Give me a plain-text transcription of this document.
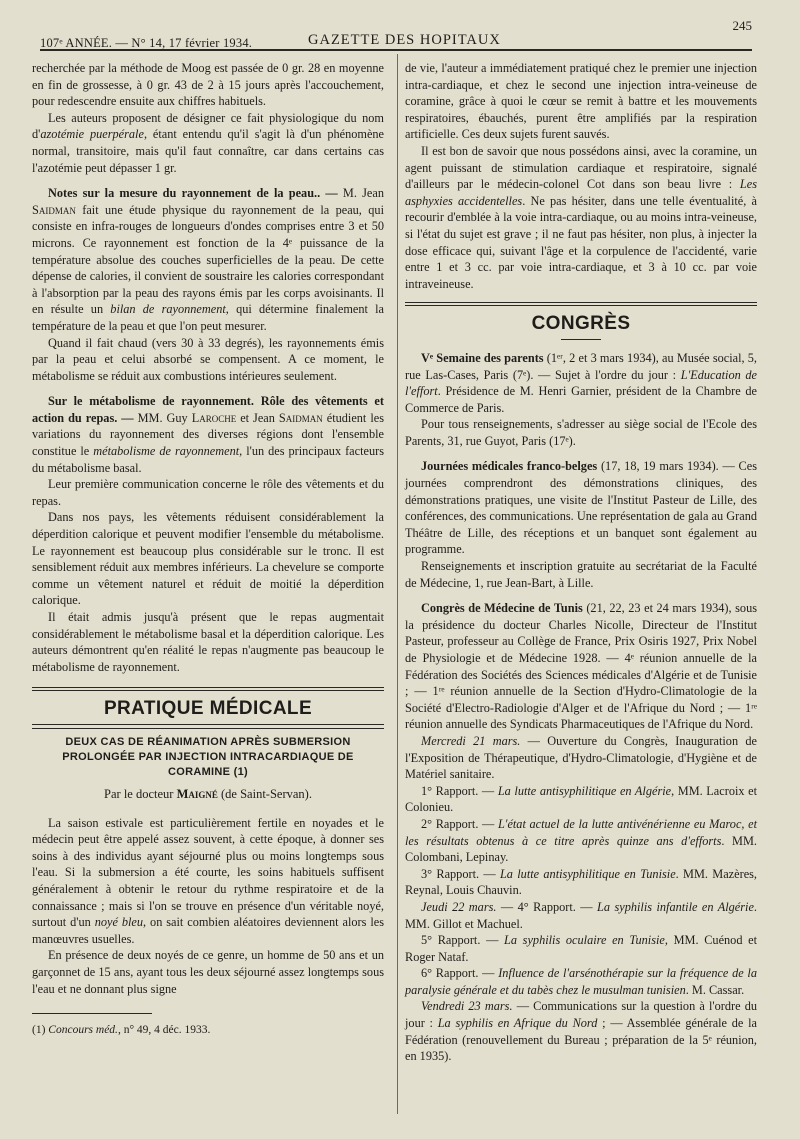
107ᵉ ANNÉE. — N° 14, 17 février 1934.	GAZETTE DES HOPITAUX
245

recherchée par la méthode de Moog est passée de 0 gr. 28 en moyenne en fin de grossesse, à 0 gr. 43 de 2 à 15 jours après l'accouchement, pour redescendre ensuite aux chiffres habituels.

Les auteurs proposent de désigner ce fait physiologique du nom d'azotémie puerpérale, étant entendu qu'il s'agit là d'un phénomène normal, transitoire, mais qu'il faut connaître, car dans certains cas l'azotémie peut dépasser 1 gr.

Notes sur la mesure du rayonnement de la peau.. — M. Jean Saidman fait une étude physique du rayonnement de la peau, qui consiste en infra-rouges de longueurs d'ondes comprises entre 3 et 50 microns. Ce rayonnement est fonction de la 4ᵉ puissance de la température absolue des couches superficielles de la peau. De cette dépense de calories, il convient de soustraire les calories correspondant à l'absorption par la peau des rayons émis par les corps avoisinants. Il en résulte un bilan de rayonnement, qui détermine finalement la température de la peau et que l'on peut mesurer.

Quand il fait chaud (vers 30 à 33 degrés), les rayonnements émis par la peau et celui absorbé se compensent. A ce moment, le métabolisme se réduit aux combustions intérieures seulement.

Sur le métabolisme de rayonnement. Rôle des vêtements et action du repas. — MM. Guy Laroche et Jean Saidman étudient les variations du rayonnement des diverses régions dont l'ensemble constitue le métabolisme de rayonnement, l'un des principaux facteurs du métabolisme basal.

Leur première communication concerne le rôle des vêtements et du repas.

Dans nos pays, les vêtements réduisent considérablement la déperdition calorique et peuvent modifier l'ensemble du métabolisme. Le rayonnement est beaucoup plus considérable sur le tronc. Il est sensiblement réduit aux membres inférieurs. La chevelure se comporte comme un vêtement naturel et réduit de moitié la déperdition calorique.

Il était admis jusqu'à présent que le repas augmentait considérablement le métabolisme basal et la déperdition calorique. Les auteurs démontrent qu'en réalité le repas n'augmente pas beaucoup le métabolisme de rayonnement.

PRATIQUE MÉDICALE
DEUX CAS DE RÉANIMATION APRÈS SUBMERSION PROLONGÉE PAR INJECTION INTRACARDIAQUE DE CORAMINE (1)
Par le docteur Maigné (de Saint-Servan).

La saison estivale est particulièrement fertile en noyades et le médecin peut être appelé assez souvent, à cette époque, à donner ses soins à des individus ayant séjourné plus ou moins longtemps sous l'eau. Si la submersion a été courte, les soins habituels suffisent généralement à obtenir le retour du rythme respiratoire et de la connaissance ; mais si l'on se trouve en présence d'un véritable noyé, surtout d'un noyé bleu, on sait combien aléatoires deviennent alors les manœuvres usuelles.

En présence de deux noyés de ce genre, un homme de 50 ans et un garçonnet de 15 ans, ayant tous les deux séjourné assez longtemps sous l'eau et ne donnant plus signe

(1) Concours méd., n° 49, 4 déc. 1933.

de vie, l'auteur a immédiatement pratiqué chez le premier une injection intra-cardiaque, et chez le second une injection intra-veineuse de coramine, grâce à quoi le cœur se remit à battre et les mouvements respiratoires, ébauchés, purent être amplifiés par la respiration artificielle. Ces deux sujets furent sauvés.

Il est bon de savoir que nous possédons ainsi, avec la coramine, un agent puissant de stimulation cardiaque et respiratoire, signalé d'ailleurs par le médecin-colonel Cot dans son beau livre : Les asphyxies accidentelles. Ne pas hésiter, dans une telle éventualité, à recourir d'emblée à la voie intra-cardiaque, ou au moins intra-veineuse, si l'état du sujet est grave ; il ne faut pas hésiter, non plus, à injecter la dose efficace qui, suivant l'âge et la corpulence de l'accidenté, varie entre 1 et 3 cc. par voie intra-cardiaque, et 3 à 10 cc. par voie intraveineuse.

CONGRÈS

Vᵉ Semaine des parents (1ᵉʳ, 2 et 3 mars 1934), au Musée social, 5, rue Las-Cases, Paris (7ᵉ). — Sujet à l'ordre du jour : L'Education de l'effort. Présidence de M. Henri Garnier, président de la Chambre de Commerce de Paris.

Pour tous renseignements, s'adresser au siège social de l'Ecole des Parents, 31, rue Guyot, Paris (17ᵉ).

Journées médicales franco-belges (17, 18, 19 mars 1934). — Ces journées comprendront des démonstrations cliniques, des démonstrations pratiques, une visite de l'Institut Pasteur de Lille, des conférences, des communications. Une représentation de gala au Grand Théâtre de Lille, des réceptions et un banquet sont également au programme.

Renseignements et inscription gratuite au secrétariat de la Faculté de Médecine, 1, rue Jean-Bart, à Lille.

Congrès de Médecine de Tunis (21, 22, 23 et 24 mars 1934), sous la présidence du docteur Charles Nicolle, Directeur de l'Institut Pasteur, professeur au Collège de France, Prix Osiris 1927, Prix Nobel de Physiologie et de Médecine 1928. — 4ᵉ réunion annuelle de la Fédération des Sociétés des Sciences médicales d'Algérie et de Tunisie ; — 1ʳᵉ réunion annuelle de la Section d'Hydro-Climatologie de la Société d'Electro-Radiologie d'Alger et de l'Afrique du Nord ; — 1ʳᵉ réunion annuelle des Syndicats Pharmaceutiques de l'Afrique du Nord.

Mercredi 21 mars. — Ouverture du Congrès, Inauguration de l'Exposition de Thérapeutique, d'Hydro-Climatologie, d'Hygiène et de Matériel sanitaire.

1° Rapport. — La lutte antisyphilitique en Algérie, MM. Lacroix et Colonieu.

2° Rapport. — L'état actuel de la lutte antivénérienne eu Maroc, et les résultats obtenus à ce titre après quinze ans d'efforts. MM. Colombani, Lepinay.

3° Rapport. — La lutte antisyphilitique en Tunisie. MM. Mazères, Reynal, Louis Chauvin.

Jeudi 22 mars. — 4° Rapport. — La syphilis infantile en Algérie. MM. Gillot et Machuel.

5° Rapport. — La syphilis oculaire en Tunisie, MM. Cuénod et Roger Nataf.

6° Rapport. — Influence de l'arsénothérapie sur la fréquence de la paralysie générale et du tabès chez le musulman tunisien. M. Cassar.

Vendredi 23 mars. — Communications sur la question à l'ordre du jour : La syphilis en Afrique du Nord ; — Assemblée générale de la Fédération (renouvellement du Bureau ; préparation de la 5ᵉ réunion, en 1935).
